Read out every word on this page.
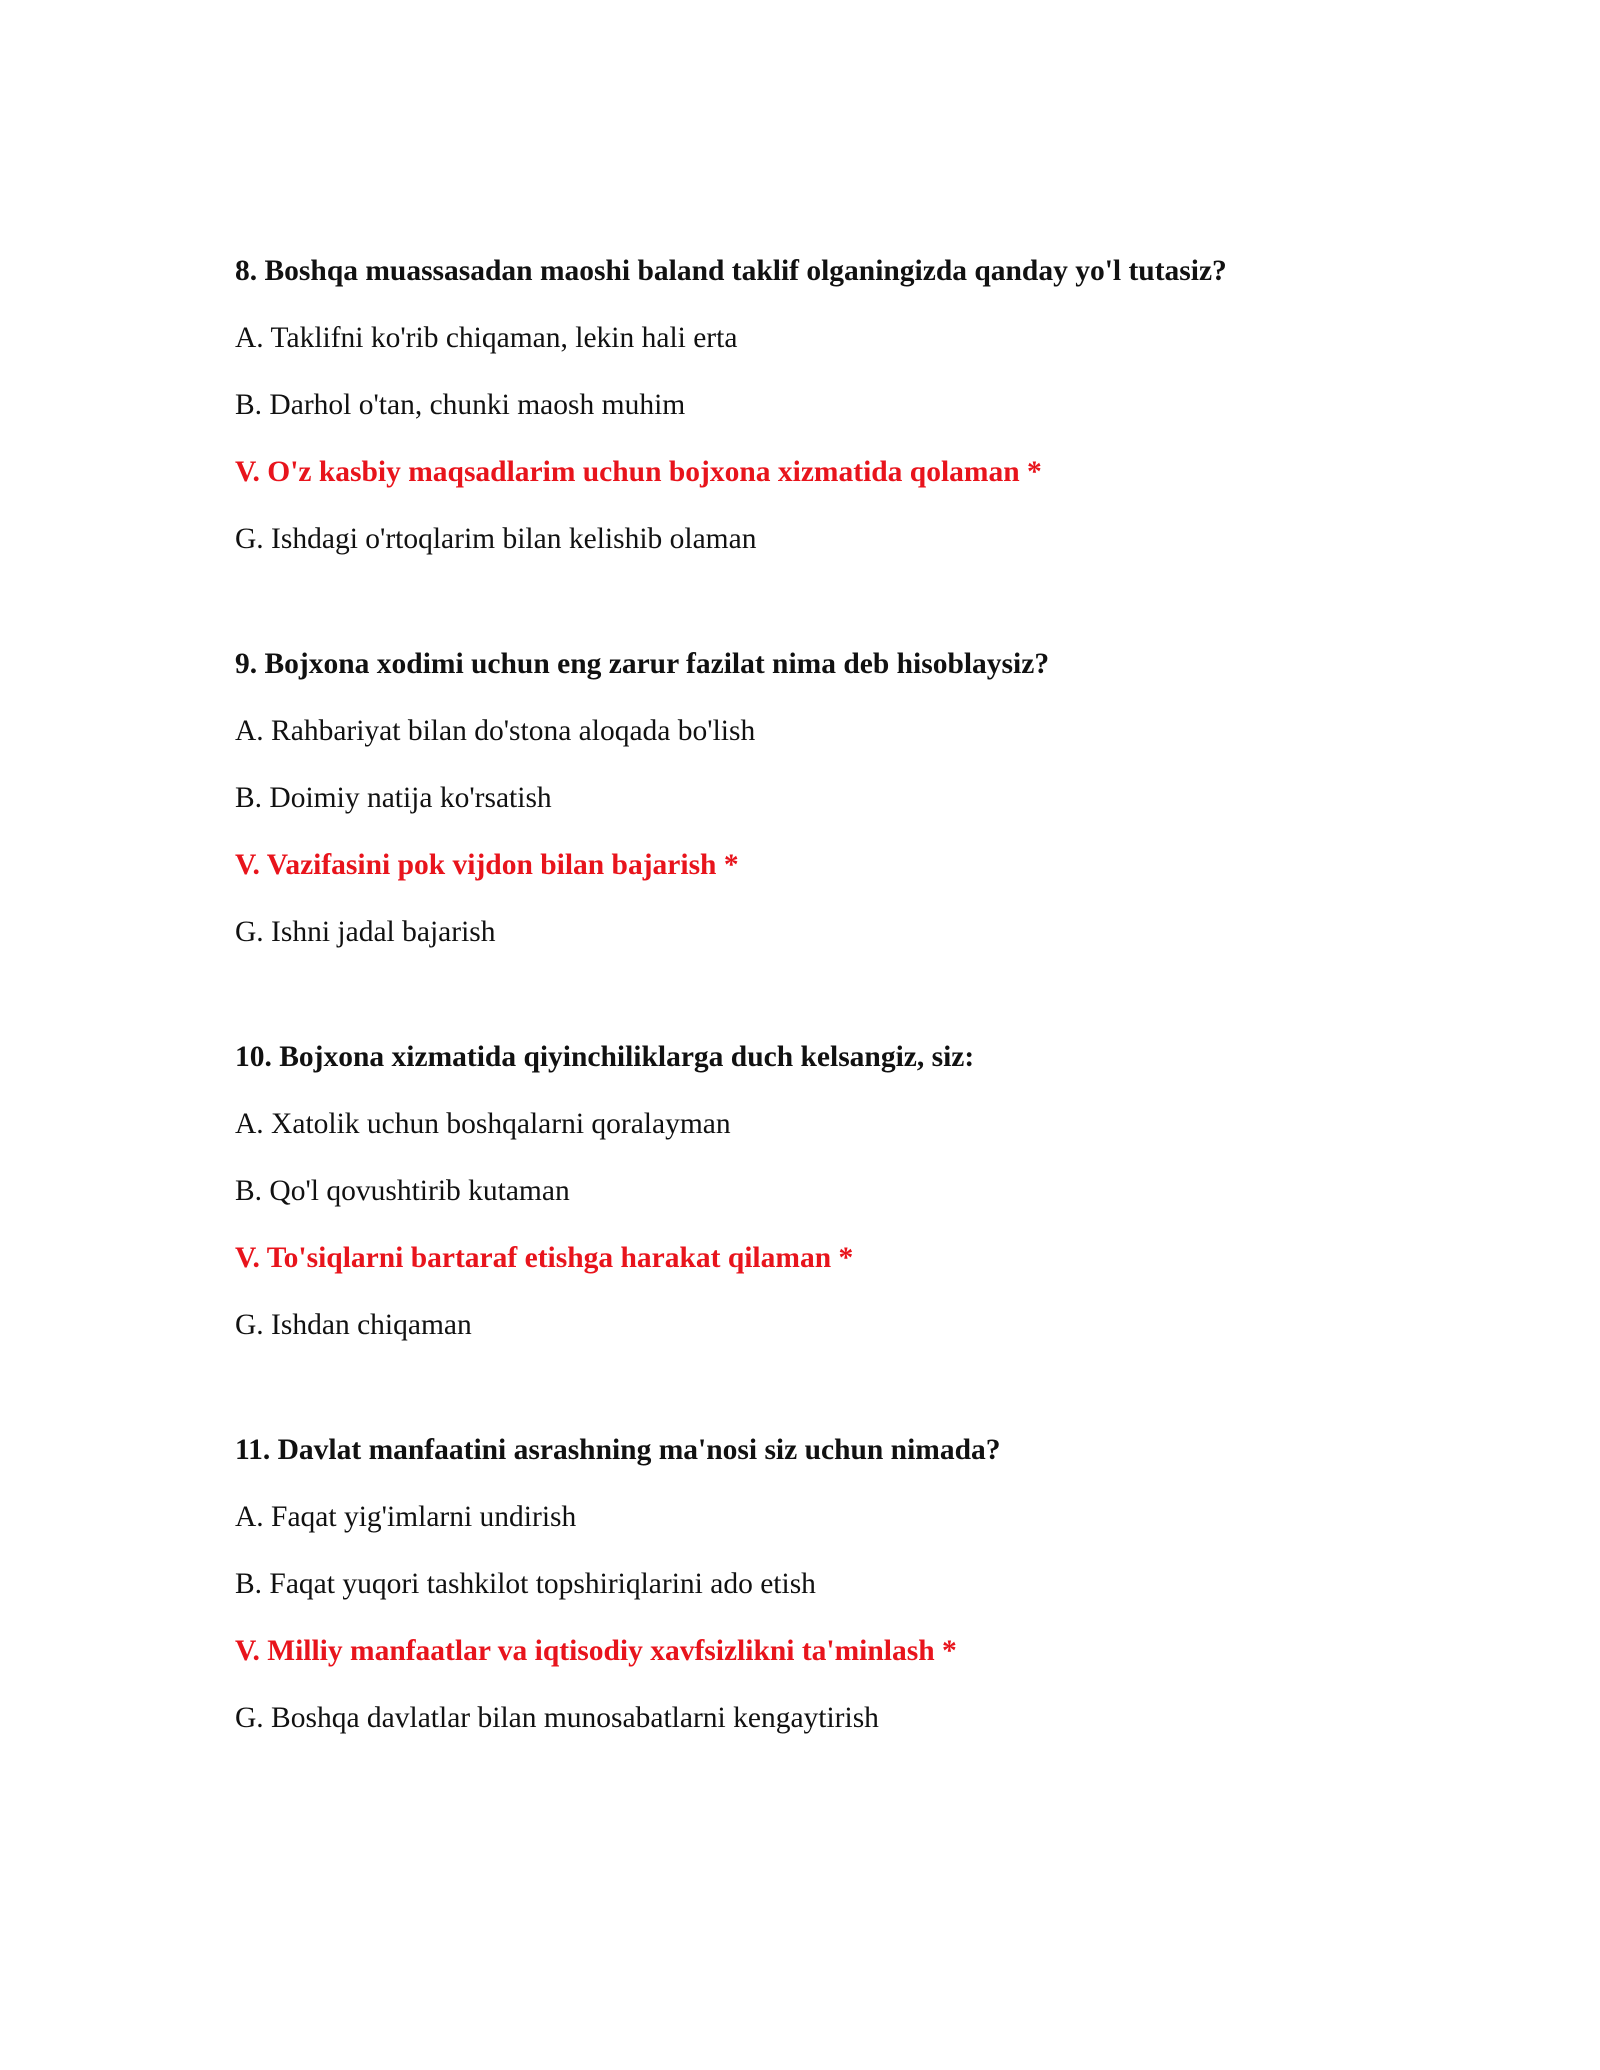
8. Boshqa muassasadan maoshi baland taklif olganingizda qanday yo'l tutasiz?
A. Taklifni ko'rib chiqaman, lekin hali erta
B. Darhol o'tan, chunki maosh muhim
V. O'z kasbiy maqsadlarim uchun bojxona xizmatida qolaman *
G. Ishdagi o'rtoqlarim bilan kelishib olaman
9. Bojxona xodimi uchun eng zarur fazilat nima deb hisoblaysiz?
A. Rahbariyat bilan do'stona aloqada bo'lish
B. Doimiy natija ko'rsatish
V. Vazifasini pok vijdon bilan bajarish *
G. Ishni jadal bajarish
10. Bojxona xizmatida qiyinchiliklarga duch kelsangiz, siz:
A. Xatolik uchun boshqalarni qoralayman
B. Qo'l qovushtirib kutaman
V. To'siqlarni bartaraf etishga harakat qilaman *
G. Ishdan chiqaman
11. Davlat manfaatini asrashning ma'nosi siz uchun nimada?
A. Faqat yig'imlarni undirish
B. Faqat yuqori tashkilot topshiriqlarini ado etish
V. Milliy manfaatlar va iqtisodiy xavfsizlikni ta'minlash *
G. Boshqa davlatlar bilan munosabatlarni kengaytirish
